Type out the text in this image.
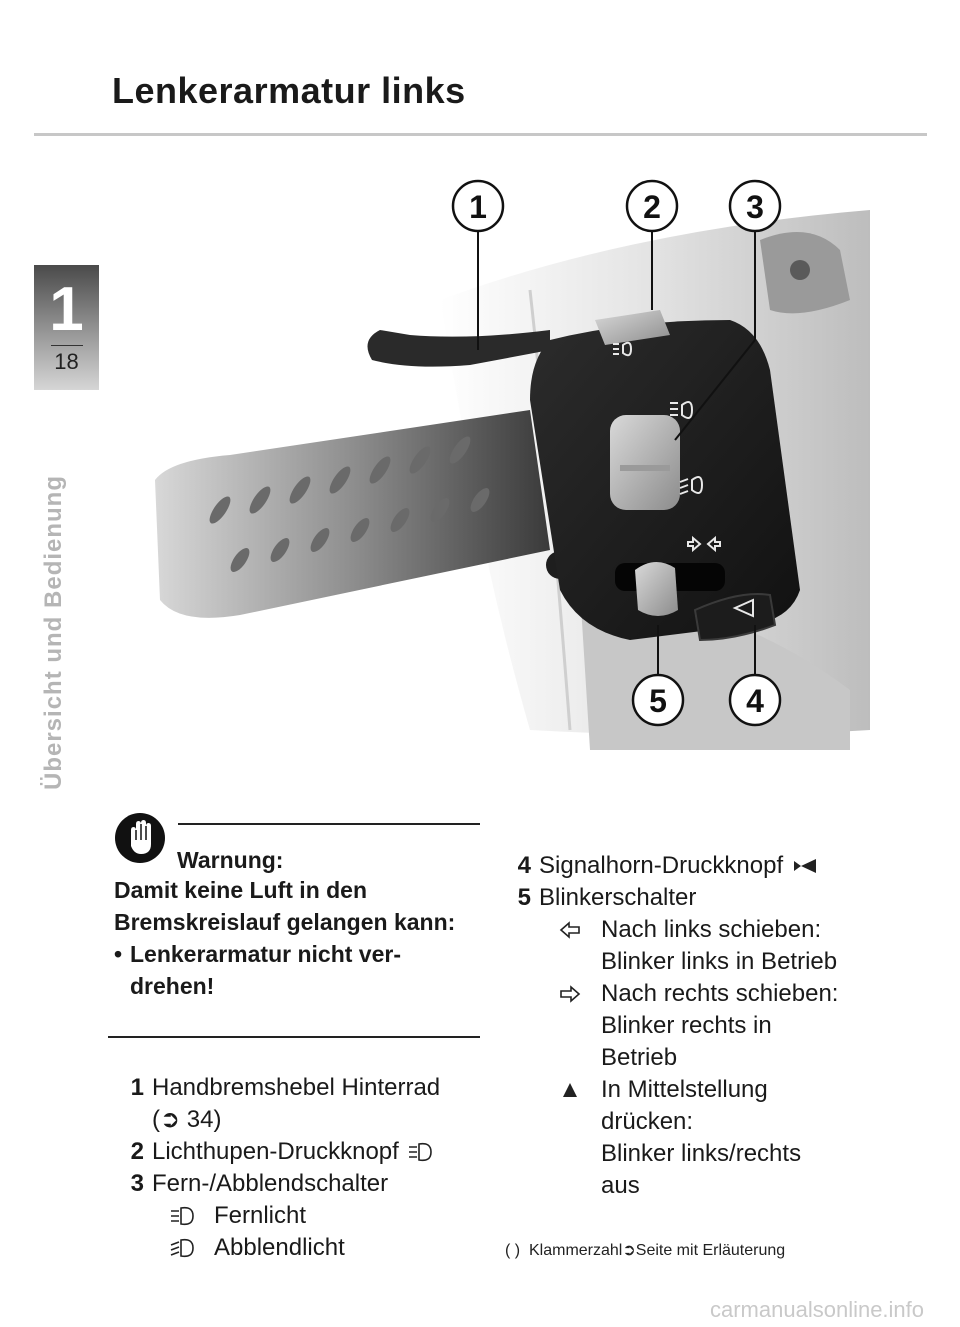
Lenkerarmatur links
1
18
Übersicht und Bedienung
1	2	3
5 4
Warnung:

Damit keine Luft in den Bremskreislauf gelangen kann:

• Lenkerarmatur nicht ver-drehen!
1 Handbremshebel Hinterrad
(➲ 34)
2 Lichthupen-Druckknopf
3 Fern-/Abblendschalter
Fernlicht
Abblendlicht
4 Signalhorn-Druckknopf
5 Blinkerschalter
Nach links schieben:
Blinker links in Betrieb
Nach rechts schieben:
Blinker rechts in
Betrieb
In Mittelstellung
drücken:
Blinker links/rechts
aus
( ) Klammerzahl➲Seite mit Erläuterung
carmanualsonline.info
